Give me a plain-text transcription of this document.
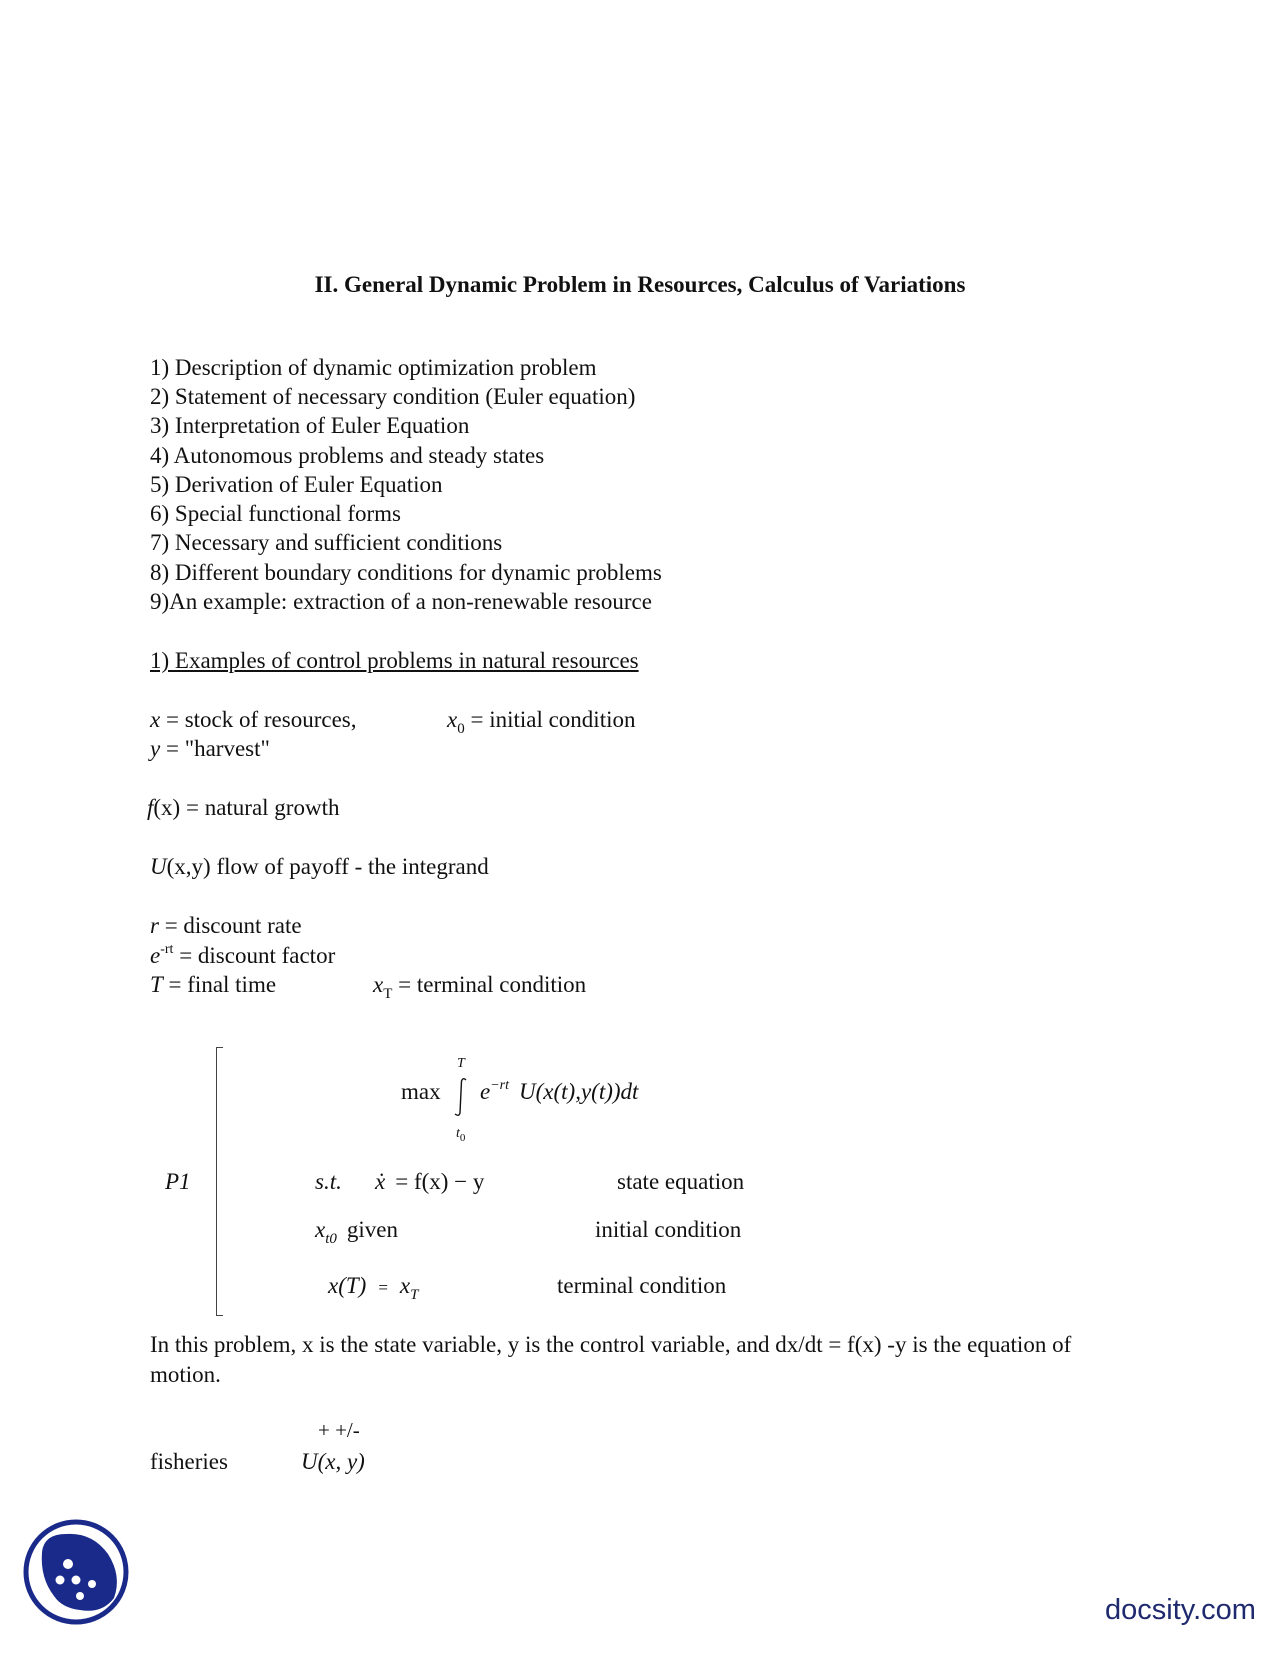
II. General Dynamic Problem in Resources, Calculus of Variations
1) Description of dynamic optimization problem
2) Statement of necessary condition (Euler equation)
3) Interpretation of Euler Equation
4) Autonomous problems and steady states
5) Derivation of Euler Equation
6) Special functional forms
7) Necessary and sufficient conditions
8) Different boundary conditions for dynamic problems
9)An example: extraction of a non-renewable resource
1) Examples of control problems in natural resources
x = stock of resources,	$x_0$ = initial condition
y = "harvest"
f(x) = natural growth
U(x,y) flow of payoff - the integrand
r = discount rate
$e^{-rt}$ = discount factor
T = final time	$x_T$ = terminal condition
P1
max
T
$t_0$
$e^{-rt}$ U(x(t),y(t))dt
s.t. ẋ = f(x) − y	state equation
$x_{t0}$ given	initial condition
$x(T) = x_T$	terminal condition
In this problem, x is the state variable, y is the control variable, and dx/dt = f(x) -y is the equation of motion.
+ +/-
fisheries	U(x, y)
docsity.com
